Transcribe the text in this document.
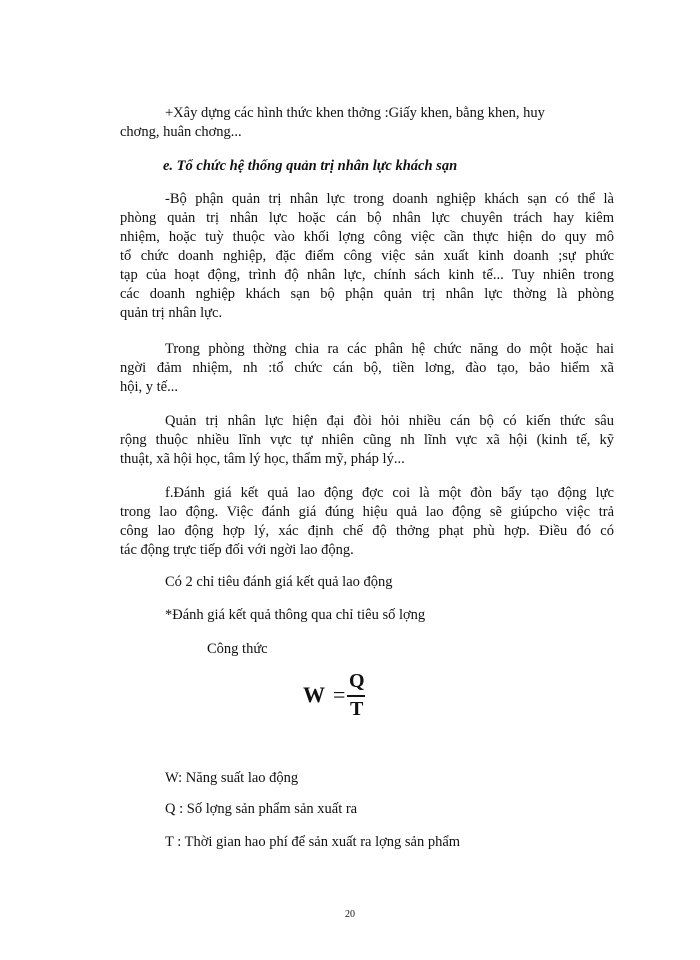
+Xây dựng các hình thức khen thởng :Giấy khen, bằng khen, huy
chơng, huân chơng...
e. Tổ chức hệ thống quản trị nhân lực khách sạn
-Bộ phận quản trị nhân lực trong doanh nghiệp khách sạn có thể là
phòng quản trị nhân lực hoặc cán bộ nhân lực chuyên trách hay kiêm
nhiệm, hoặc tuỳ thuộc vào khối lợng công việc cần thực hiện do quy mô
tổ chức doanh nghiệp, đặc điểm công việc sản xuất kinh doanh ;sự phức
tạp của hoạt động, trình độ nhân lực, chính sách kinh tế... Tuy nhiên trong
các doanh nghiệp khách sạn bộ phận quản trị nhân lực thờng là phòng
quản trị nhân lực.
Trong phòng thờng chia ra các phân hệ chức năng do một hoặc hai
ngời đảm nhiệm, nh :tổ chức cán bộ, tiền lơng, đào tạo, bảo hiểm xã
hội, y tế...
Quản trị nhân lực hiện đại đòi hỏi nhiều cán bộ có kiến thức sâu
rộng thuộc nhiều lĩnh vực tự nhiên cũng nh lĩnh vực xã hội (kinh tế, kỹ
thuật, xã hội học, tâm lý học, thẩm mỹ, pháp lý...
f.Đánh giá kết quả lao động đợc coi là một đòn bẩy tạo động lực
trong lao động. Việc đánh giá đúng hiệu quả lao động sẽ giúpcho việc trả
công lao động hợp lý, xác định chế độ thởng phạt phù hợp. Điều đó có
tác động trực tiếp đối với ngời lao động.
Có 2 chỉ tiêu đánh giá kết quả lao động
*Đánh giá kết quả thông qua chỉ tiêu số lợng
Công thức
W =
Q
T
W: Năng suất lao động
Q : Số lợng sản phẩm sản xuất ra
T : Thời gian hao phí để sản xuất ra lợng sản phẩm
20
